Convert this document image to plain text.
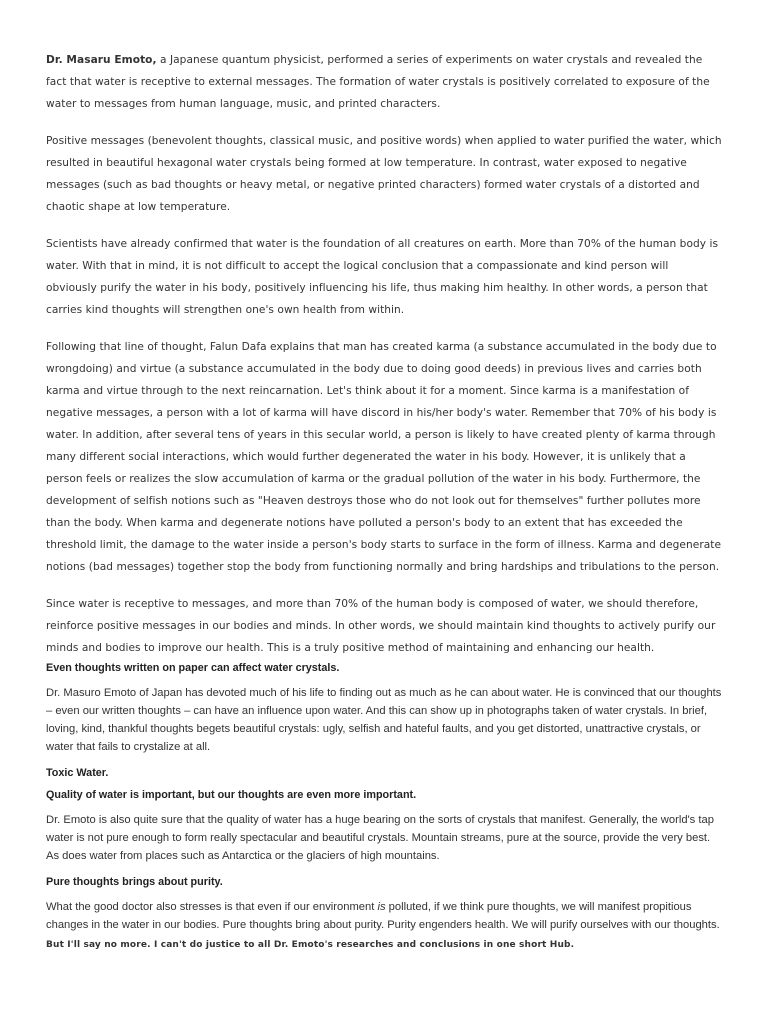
Dr. Masaru Emoto, a Japanese quantum physicist, performed a series of experiments on water crystals and revealed the fact that water is receptive to external messages. The formation of water crystals is positively correlated to exposure of the water to messages from human language, music, and printed characters.

Positive messages (benevolent thoughts, classical music, and positive words) when applied to water purified the water, which resulted in beautiful hexagonal water crystals being formed at low temperature. In contrast, water exposed to negative messages (such as bad thoughts or heavy metal, or negative printed characters) formed water crystals of a distorted and chaotic shape at low temperature.

Scientists have already confirmed that water is the foundation of all creatures on earth. More than 70% of the human body is water. With that in mind, it is not difficult to accept the logical conclusion that a compassionate and kind person will obviously purify the water in his body, positively influencing his life, thus making him healthy. In other words, a person that carries kind thoughts will strengthen one's own health from within.

Following that line of thought, Falun Dafa explains that man has created karma (a substance accumulated in the body due to wrongdoing) and virtue (a substance accumulated in the body due to doing good deeds) in previous lives and carries both karma and virtue through to the next reincarnation. Let's think about it for a moment. Since karma is a manifestation of negative messages, a person with a lot of karma will have discord in his/her body's water. Remember that 70% of his body is water. In addition, after several tens of years in this secular world, a person is likely to have created plenty of karma through many different social interactions, which would further degenerated the water in his body. However, it is unlikely that a person feels or realizes the slow accumulation of karma or the gradual pollution of the water in his body. Furthermore, the development of selfish notions such as "Heaven destroys those who do not look out for themselves" further pollutes more than the body. When karma and degenerate notions have polluted a person's body to an extent that has exceeded the threshold limit, the damage to the water inside a person's body starts to surface in the form of illness. Karma and degenerate notions (bad messages) together stop the body from functioning normally and bring hardships and tribulations to the person.

Since water is receptive to messages, and more than 70% of the human body is composed of water, we should therefore, reinforce positive messages in our bodies and minds. In other words, we should maintain kind thoughts to actively purify our minds and bodies to improve our health. This is a truly positive method of maintaining and enhancing our health.

Even thoughts written on paper can affect water crystals.

Dr. Masuro Emoto of Japan has devoted much of his life to finding out as much as he can about water. He is convinced that our thoughts – even our written thoughts – can have an influence upon water. And this can show up in photographs taken of water crystals. In brief, loving, kind, thankful thoughts begets beautiful crystals: ugly, selfish and hateful faults, and you get distorted, unattractive crystals, or water that fails to crystalize at all.

Toxic Water.

Quality of water is important, but our thoughts are even more important.

Dr. Emoto is also quite sure that the quality of water has a huge bearing on the sorts of crystals that manifest. Generally, the world's tap water is not pure enough to form really spectacular and beautiful crystals. Mountain streams, pure at the source, provide the very best. As does water from places such as Antarctica or the glaciers of high mountains.

Pure thoughts brings about purity.

What the good doctor also stresses is that even if our environment is polluted, if we think pure thoughts, we will manifest propitious changes in the water in our bodies. Pure thoughts bring about purity. Purity engenders health. We will purify ourselves with our thoughts. But I'll say no more. I can't do justice to all Dr. Emoto's researches and conclusions in one short Hub.
